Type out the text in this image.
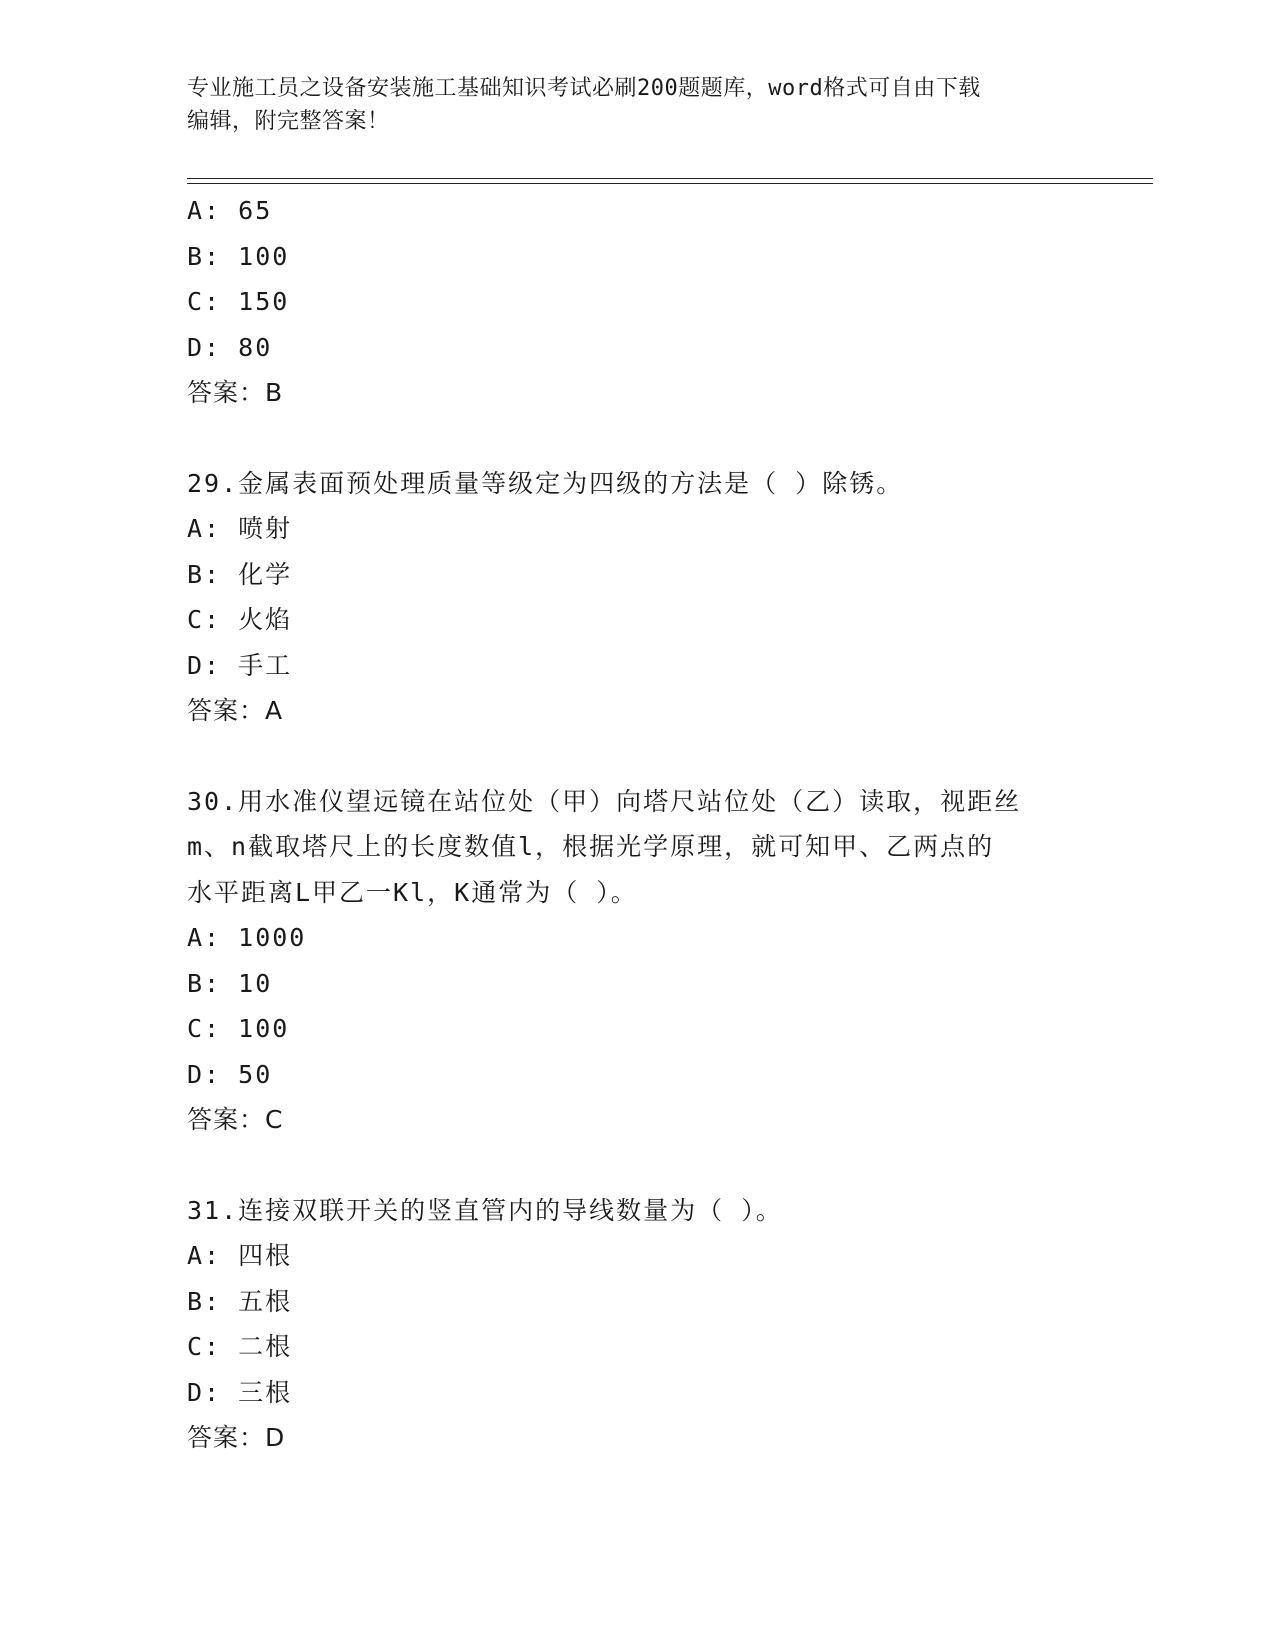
专业施工员之设备安装施工基础知识考试必刷200题题库，word格式可自由下载
编辑，附完整答案！
A: 65
B: 100
C: 150
D: 80
答案：B
29.金属表面预处理质量等级定为四级的方法是（ ）除锈。
A: 喷射
B: 化学
C: 火焰
D: 手工
答案：A
30.用水准仪望远镜在站位处（甲）向塔尺站位处（乙）读取，视距丝
m、n截取塔尺上的长度数值l，根据光学原理，就可知甲、乙两点的
水平距离L甲乙一Kl，K通常为（ ）。
A: 1000
B: 10
C: 100
D: 50
答案：C
31.连接双联开关的竖直管内的导线数量为（ ）。
A: 四根
B: 五根
C: 二根
D: 三根
答案：D
